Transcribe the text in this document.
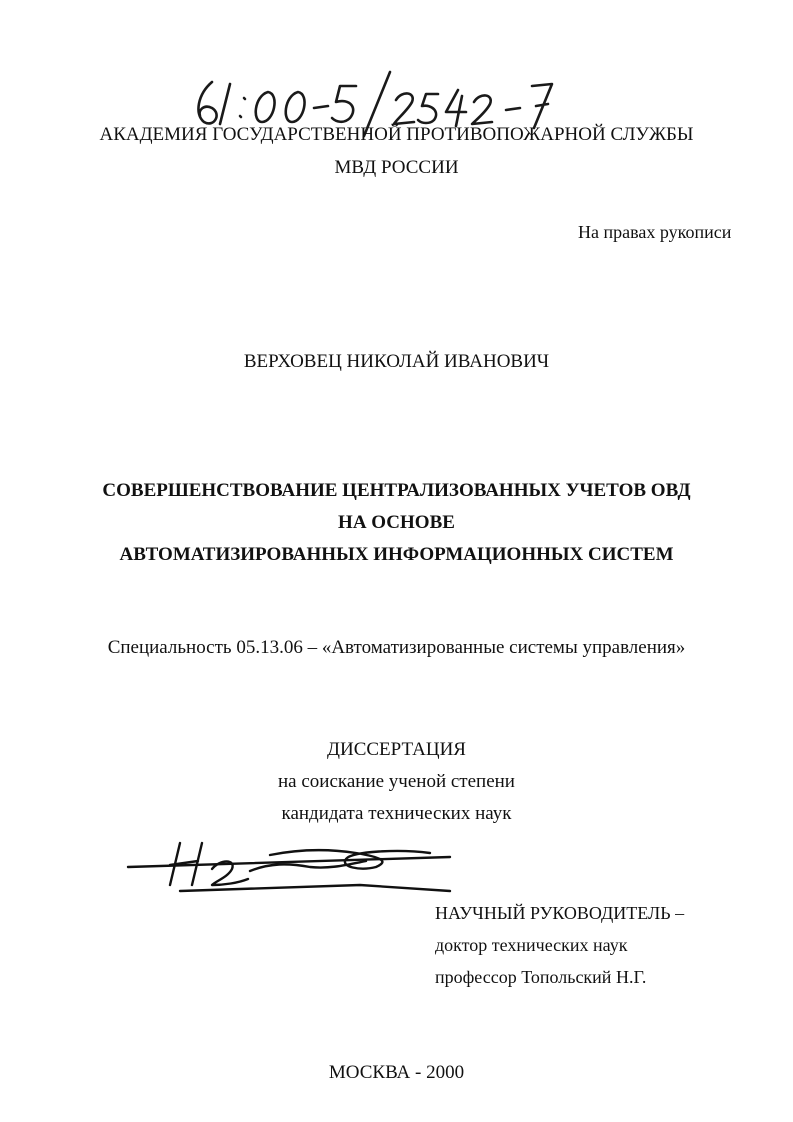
АКАДЕМИЯ ГОСУДАРСТВЕННОЙ ПРОТИВОПОЖАРНОЙ СЛУЖБЫ
МВД РОССИИ
На правах рукописи
ВЕРХОВЕЦ НИКОЛАЙ ИВАНОВИЧ
СОВЕРШЕНСТВОВАНИЕ ЦЕНТРАЛИЗОВАННЫХ УЧЕТОВ ОВД
НА ОСНОВЕ
АВТОМАТИЗИРОВАННЫХ ИНФОРМАЦИОННЫХ СИСТЕМ
Специальность 05.13.06 – «Автоматизированные системы управления»
ДИССЕРТАЦИЯ
на соискание ученой степени
кандидата технических наук
НАУЧНЫЙ РУКОВОДИТЕЛЬ –
доктор технических наук
профессор Топольский Н.Г.
МОСКВА - 2000
